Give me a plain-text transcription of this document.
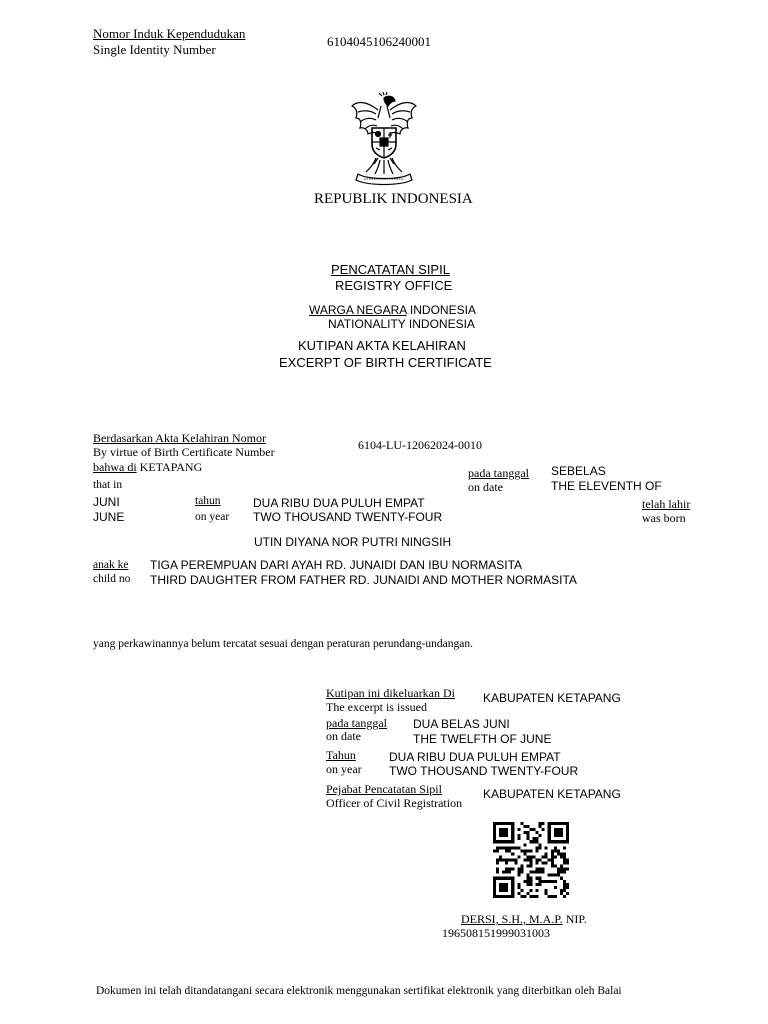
Nomor Induk Kependudukan
Single Identity Number
6104045106240001
REPUBLIK INDONESIA
PENCATATAN SIPIL
REGISTRY OFFICE
WARGA NEGARA INDONESIA
NATIONALITY INDONESIA
KUTIPAN AKTA KELAHIRAN
EXCERPT OF BIRTH CERTIFICATE
Berdasarkan Akta Kelahiran Nomor
By virtue of Birth Certificate Number	6104-LU-12062024-0010
bahwa di KETAPANG
that in
pada tanggal
on date
SEBELAS
THE ELEVENTH OF
JUNI
JUNE
tahun
on year
DUA RIBU DUA PULUH EMPAT
TWO THOUSAND TWENTY-FOUR
telah lahir
was born
UTIN DIYANA NOR PUTRI NINGSIH
anak ke
child no
TIGA PEREMPUAN DARI AYAH RD. JUNAIDI DAN IBU NORMASITA
THIRD DAUGHTER FROM FATHER RD. JUNAIDI AND MOTHER NORMASITA
yang perkawinannya belum tercatat sesuai dengan peraturan perundang-undangan.
Kutipan ini dikeluarkan Di
The excerpt is issued
KABUPATEN KETAPANG
pada tanggal
on date
DUA BELAS JUNI
THE TWELFTH OF JUNE
Tahun
on year
DUA RIBU DUA PULUH EMPAT
TWO THOUSAND TWENTY-FOUR
Pejabat Pencatatan Sipil
Officer of Civil Registration
KABUPATEN KETAPANG
DERSI, S.H., M.A.P. NIP.
196508151999031003
Dokumen ini telah ditandatangani secara elektronik menggunakan sertifikat elektronik yang diterbitkan oleh Balai
